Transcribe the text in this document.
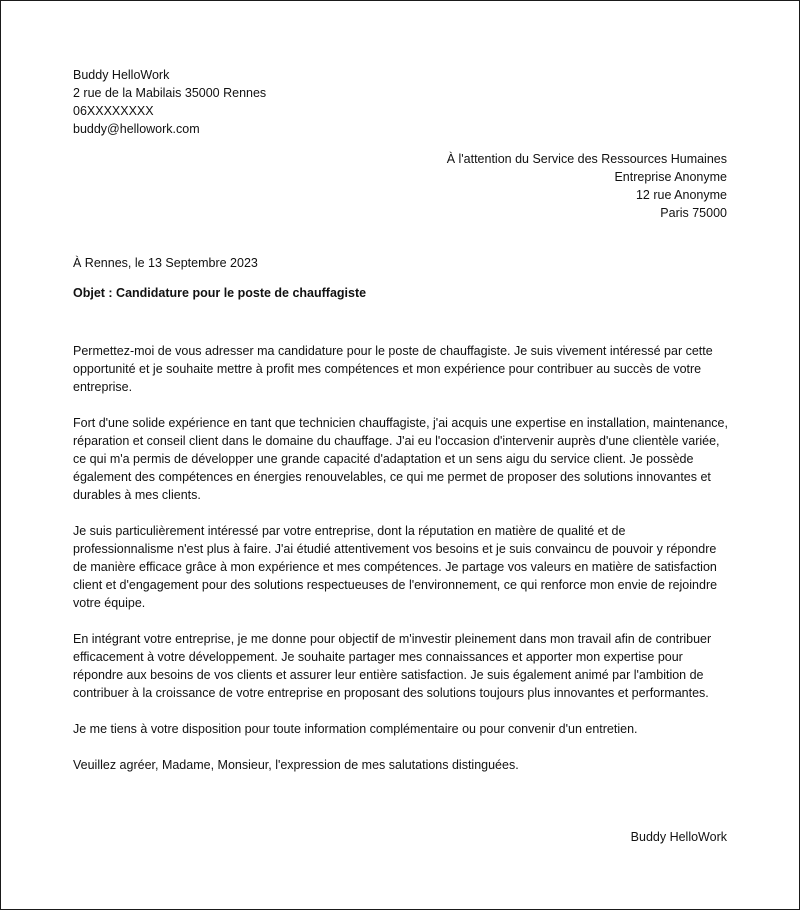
Buddy HelloWork
2 rue de la Mabilais 35000 Rennes
06XXXXXXXX
buddy@hellowork.com
À l'attention du Service des Ressources Humaines
Entreprise Anonyme
12 rue Anonyme
Paris 75000
À Rennes, le 13 Septembre 2023
Objet : Candidature pour le poste de chauffagiste

Permettez-moi de vous adresser ma candidature pour le poste de chauffagiste. Je suis vivement intéressé par cette opportunité et je souhaite mettre à profit mes compétences et mon expérience pour contribuer au succès de votre entreprise.

Fort d'une solide expérience en tant que technicien chauffagiste, j'ai acquis une expertise en installation, maintenance, réparation et conseil client dans le domaine du chauffage. J'ai eu l'occasion d'intervenir auprès d'une clientèle variée, ce qui m'a permis de développer une grande capacité d'adaptation et un sens aigu du service client. Je possède également des compétences en énergies renouvelables, ce qui me permet de proposer des solutions innovantes et durables à mes clients.

Je suis particulièrement intéressé par votre entreprise, dont la réputation en matière de qualité et de professionnalisme n'est plus à faire. J'ai étudié attentivement vos besoins et je suis convaincu de pouvoir y répondre de manière efficace grâce à mon expérience et mes compétences. Je partage vos valeurs en matière de satisfaction client et d'engagement pour des solutions respectueuses de l'environnement, ce qui renforce mon envie de rejoindre votre équipe.

En intégrant votre entreprise, je me donne pour objectif de m'investir pleinement dans mon travail afin de contribuer efficacement à votre développement. Je souhaite partager mes connaissances et apporter mon expertise pour répondre aux besoins de vos clients et assurer leur entière satisfaction. Je suis également animé par l'ambition de contribuer à la croissance de votre entreprise en proposant des solutions toujours plus innovantes et performantes.

Je me tiens à votre disposition pour toute information complémentaire ou pour convenir d'un entretien.

Veuillez agréer, Madame, Monsieur, l'expression de mes salutations distinguées.

Buddy HelloWork
